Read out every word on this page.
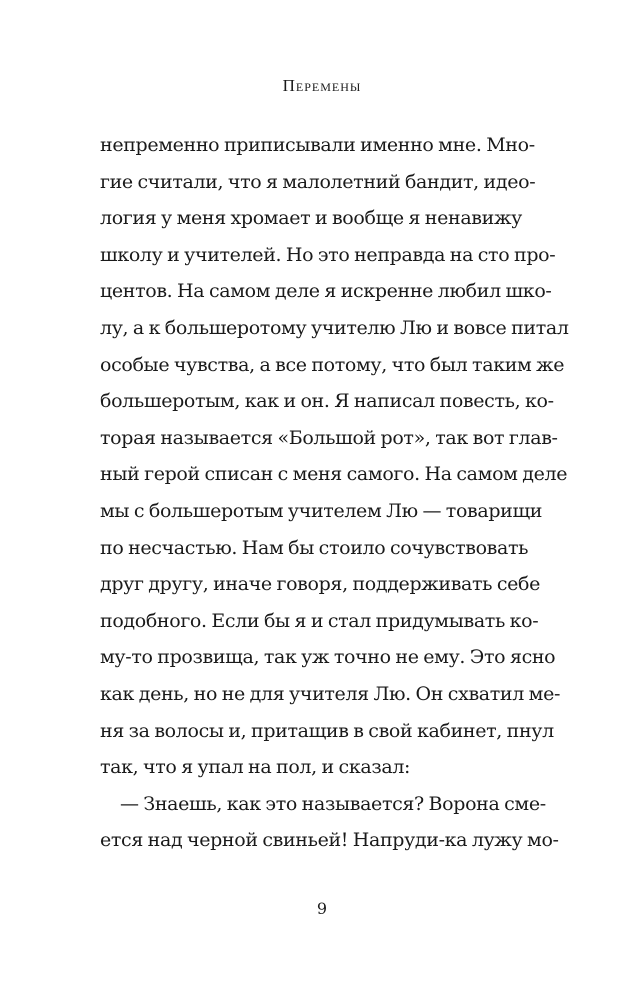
Перемены
непременно приписывали именно мне. Мно-
гие считали, что я малолетний бандит, идео-
логия у меня хромает и вообще я ненавижу
школу и учителей. Но это неправда на сто про-
центов. На самом деле я искренне любил шко-
лу, а к большеротому учителю Лю и вовсе питал
особые чувства, а все потому, что был таким же
большеротым, как и он. Я написал повесть, ко-
торая называется «Большой рот», так вот глав-
ный герой списан с меня самого. На самом деле
мы с большеротым учителем Лю — товарищи
по несчастью. Нам бы стоило сочувствовать
друг другу, иначе говоря, поддерживать себе
подобного. Если бы я и стал придумывать ко-
му-то прозвища, так уж точно не ему. Это ясно
как день, но не для учителя Лю. Он схватил ме-
ня за волосы и, притащив в свой кабинет, пнул
так, что я упал на пол, и сказал:
— Знаешь, как это называется? Ворона сме-
ется над черной свиньей! Напруди-ка лужу мо-
9
